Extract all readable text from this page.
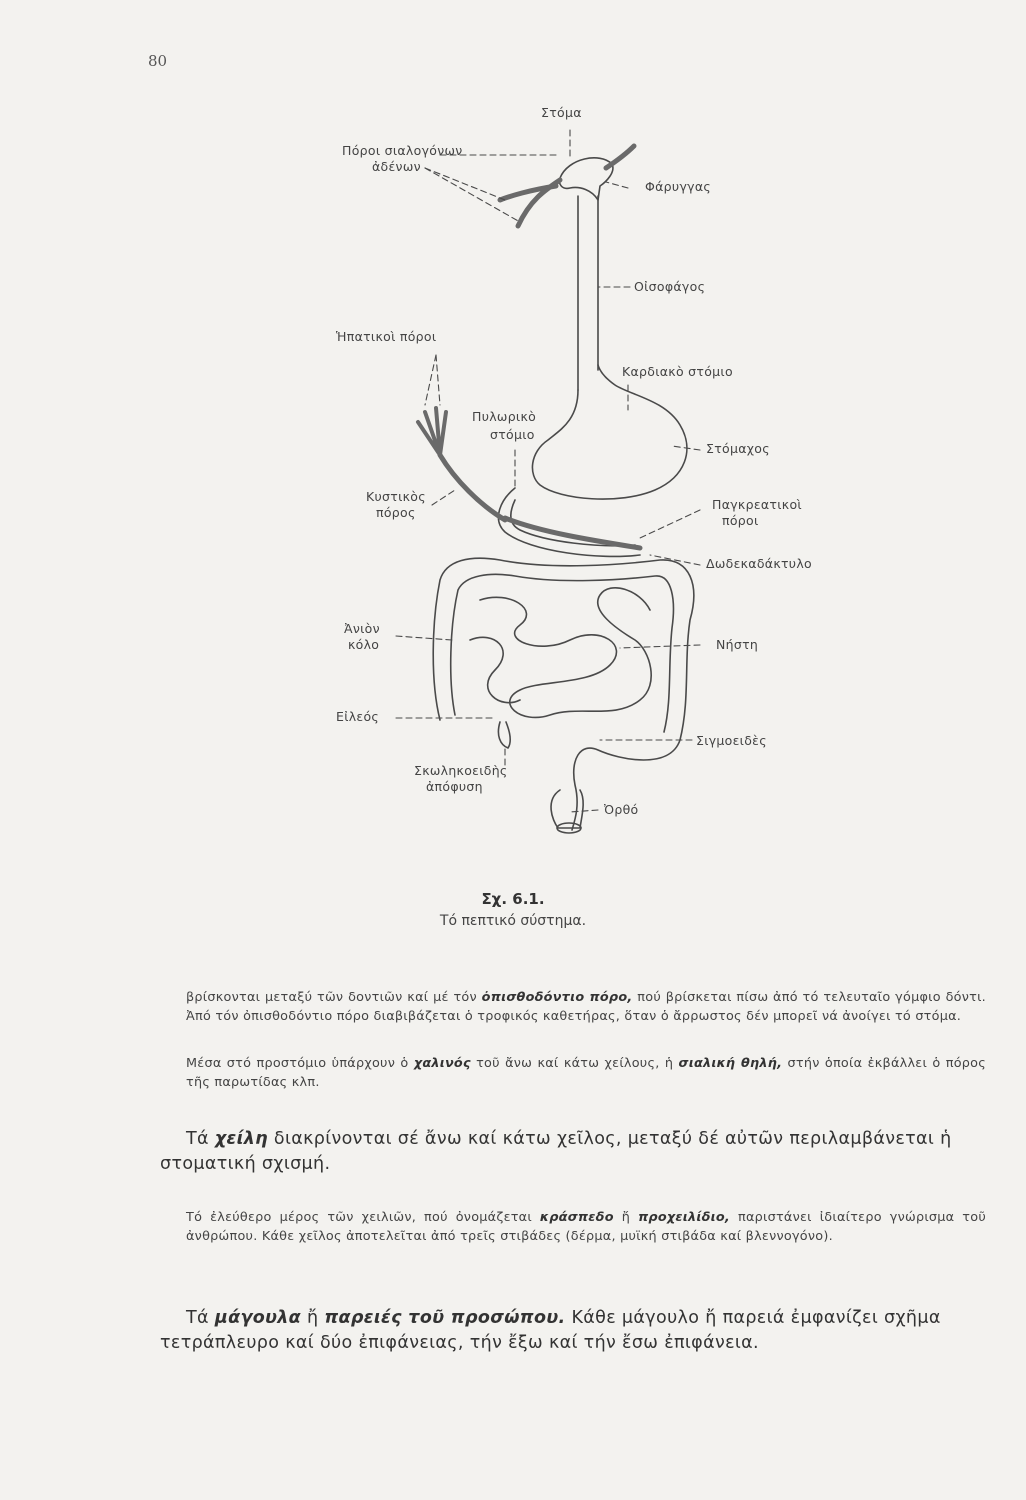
80
Στόμα
Πόροι σιαλογόνων
ἀδένων
Φάρυγγας
Οἰσοφάγος
Ἡπατικοὶ πόροι
Καρδιακὸ στόμιο
Πυλωρικὸ
στόμιο
Στόμαχος
Κυστικὸς
πόρος
Παγκρεατικοὶ
πόροι
Δωδεκαδάκτυλο
Ἀνιὸν
κόλο	Νήστη
Εἰλεός
Σιγμοειδὲς
Σκωληκοειδὴς
ἀπόφυση
Ὀρθό
Σχ. 6.1.
Τό πεπτικό σύστημα.
βρίσκονται μεταξύ τῶν δοντιῶν καί μέ τόν ὀπισθοδόντιο πόρο, πού βρίσκεται πίσω ἀπό τό τελευταῖο γόμφιο δόντι. Ἀπό τόν ὀπισθοδόντιο πόρο διαβιβάζεται ὁ τροφικός καθετήρας, ὅταν ὁ ἄρρωστος δέν μπορεῖ νά ἀνοίγει τό στόμα.
Μέσα στό προστόμιο ὑπάρχουν ὁ χαλινός τοῦ ἄνω καί κάτω χείλους, ἡ σιαλική θηλή, στήν ὁποία ἐκβάλλει ὁ πόρος τῆς παρωτίδας κλπ.
Τά χείλη διακρίνονται σέ ἄνω καί κάτω χεῖλος, μεταξύ δέ αὐτῶν περιλαμβάνεται ἡ στοματική σχισμή.
Τό ἐλεύθερο μέρος τῶν χειλιῶν, πού ὀνομάζεται κράσπεδο ἤ προχειλίδιο, παριστάνει ἰδιαίτερο γνώρισμα τοῦ ἀνθρώπου. Κάθε χεῖλος ἀποτελεῖται ἀπό τρεῖς στιβάδες (δέρμα, μυϊκή στιβάδα καί βλεννογόνο).
Τά μάγουλα ἤ παρειές τοῦ προσώπου. Κάθε μάγουλο ἤ παρειά ἐμφανίζει σχῆμα τετράπλευρο καί δύο ἐπιφάνειας, τήν ἔξω καί τήν ἔσω ἐπιφάνεια.
